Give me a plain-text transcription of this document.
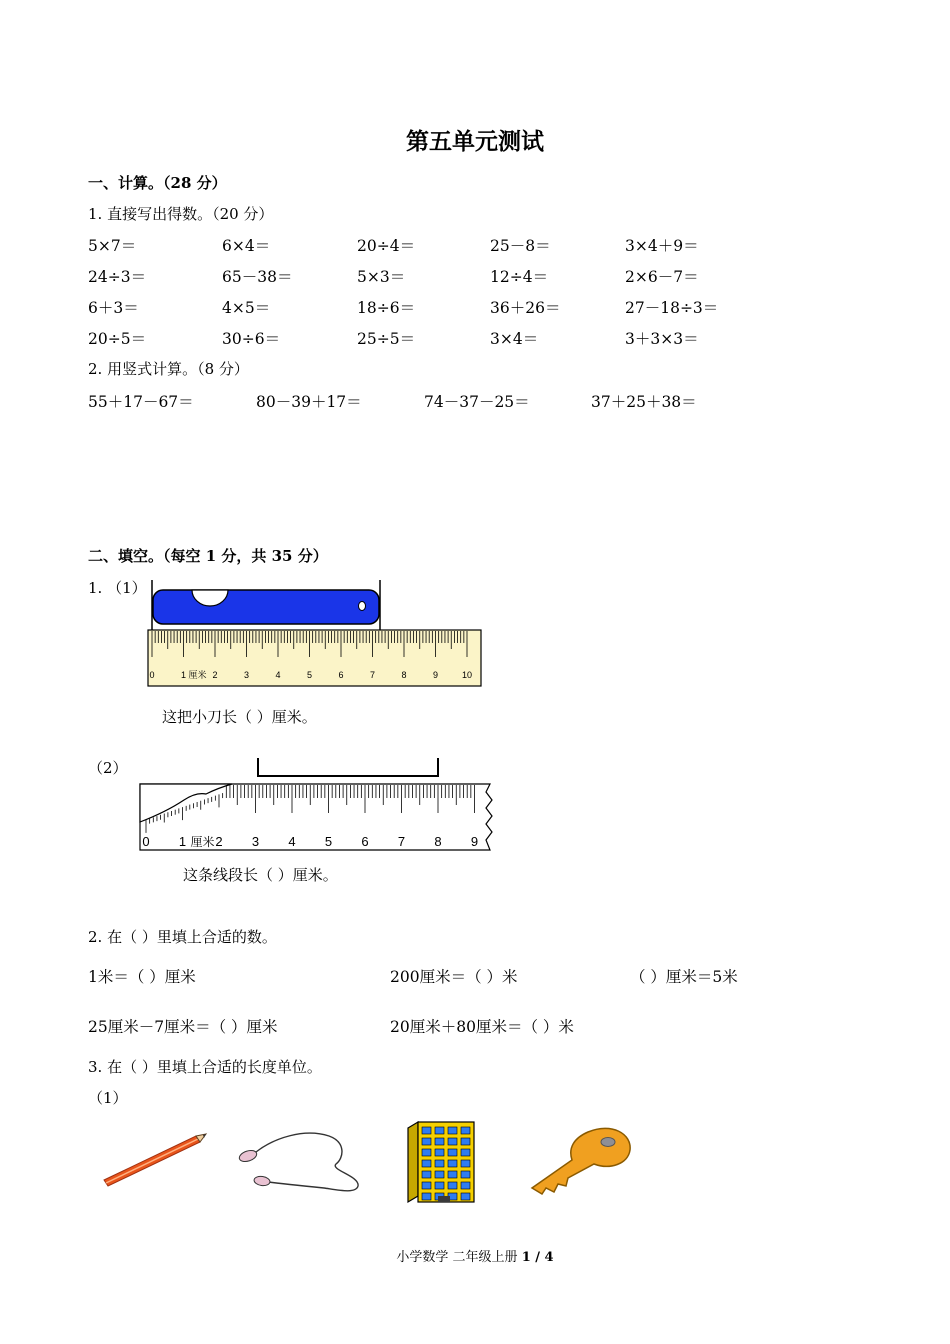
第五单元测试
一、计算。（28 分）
1. 直接写出得数。（20 分）
5×7＝	6×4＝	20÷4＝	25－8＝	3×4＋9＝
24÷3＝	65－38＝	5×3＝	12÷4＝	2×6－7＝
6＋3＝	4×5＝	18÷6＝	36＋26＝	27－18÷3＝
20÷5＝	30÷6＝	25÷5＝	3×4＝	3＋3×3＝
2. 用竖式计算。（8 分）
55＋17－67＝	80－39＋17＝	74－37－25＝	37＋25＋38＝
二、填空。（每空 1 分，共 35 分）
1. （1）
0	1	2	3	4	5	6	7	8	9	10
厘米
这把小刀长（ ）厘米。
（2）
0 1 2 3 4 5 6 7 8 9
厘米
这条线段长（ ）厘米。
2. 在（ ）里填上合适的数。
1米＝（ ）厘米	200厘米＝（ ）米	（ ）厘米＝5米
25厘米－7厘米＝（ ）厘米	20厘米＋80厘米＝（ ）米
3. 在（ ）里填上合适的长度单位。
（1）
小学数学 二年级上册 1 / 4
